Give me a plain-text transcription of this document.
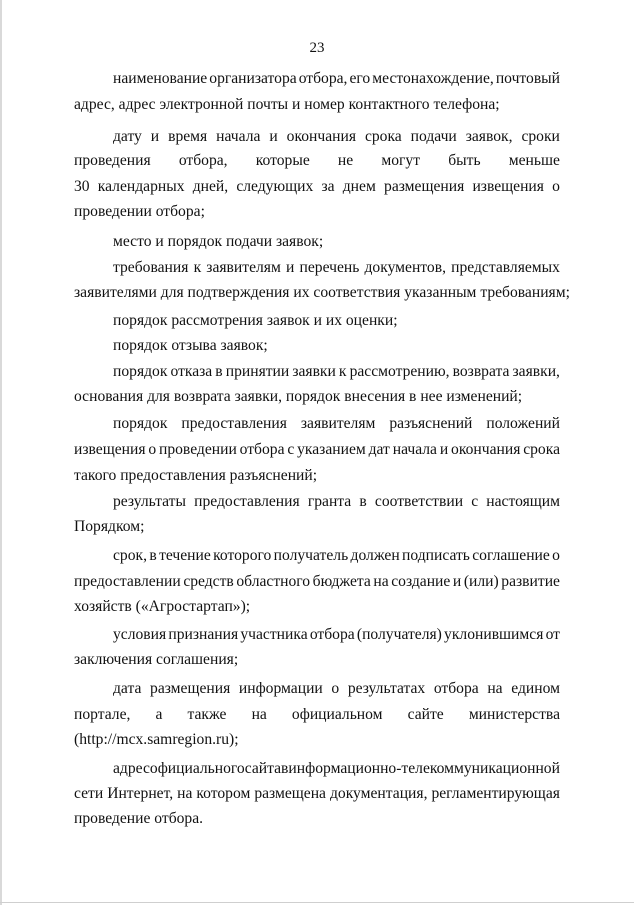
23
наименование организатора отбора, его местонахождение, почтовый
адрес, адрес электронной почты и номер контактного телефона;
дату и время начала и окончания срока подачи заявок, сроки
проведения отбора, которые не могут быть меньше
30 календарных дней, следующих за днем размещения извещения о
проведении отбора;
место и порядок подачи заявок;
требования к заявителям и перечень документов, представляемых
заявителями для подтверждения их соответствия указанным требованиям;
порядок рассмотрения заявок и их оценки;
порядок отзыва заявок;
порядок отказа в принятии заявки к рассмотрению, возврата заявки,
основания для возврата заявки, порядок внесения в нее изменений;
порядок предоставления заявителям разъяснений положений
извещения о проведении отбора с указанием дат начала и окончания срока
такого предоставления разъяснений;
результаты предоставления гранта в соответствии с настоящим
Порядком;
срок, в течение которого получатель должен подписать соглашение о
предоставлении средств областного бюджета на создание и (или) развитие
хозяйств («Агростартап»);
условия признания участника отбора (получателя) уклонившимся от
заключения соглашения;
дата размещения информации о результатах отбора на едином
портале, а также на официальном сайте министерства
(http://mcx.samregion.ru);
адрес официального сайта в информационно-телекоммуникационной
сети Интернет, на котором размещена документация, регламентирующая
проведение отбора.
